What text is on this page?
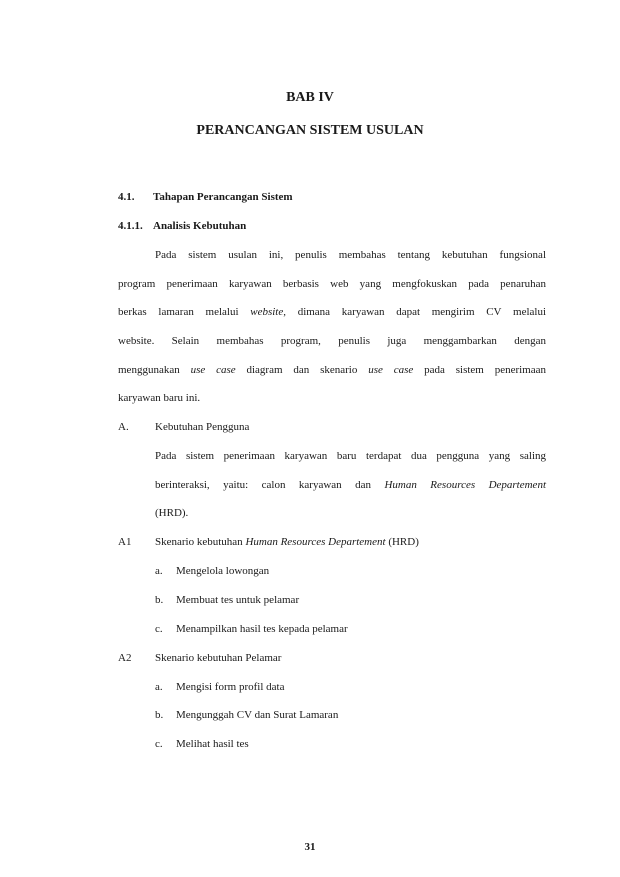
BAB IV
PERANCANGAN SISTEM USULAN
4.1. Tahapan Perancangan Sistem
4.1.1. Analisis Kebutuhan
Pada sistem usulan ini, penulis membahas tentang kebutuhan fungsional
program penerimaan karyawan berbasis web yang mengfokuskan pada penaruhan
berkas lamaran melalui website, dimana karyawan dapat mengirim CV melalui
website. Selain membahas program, penulis juga menggambarkan dengan
menggunakan use case diagram dan skenario use case pada sistem penerimaan
karyawan baru ini.
A. Kebutuhan Pengguna
Pada sistem penerimaan karyawan baru terdapat dua pengguna yang saling
berinteraksi, yaitu: calon karyawan dan Human Resources Departement
(HRD).
A1 Skenario kebutuhan Human Resources Departement (HRD)
a. Mengelola lowongan
b. Membuat tes untuk pelamar
c. Menampilkan hasil tes kepada pelamar
A2 Skenario kebutuhan Pelamar
a. Mengisi form profil data
b. Mengunggah CV dan Surat Lamaran
c. Melihat hasil tes
31
